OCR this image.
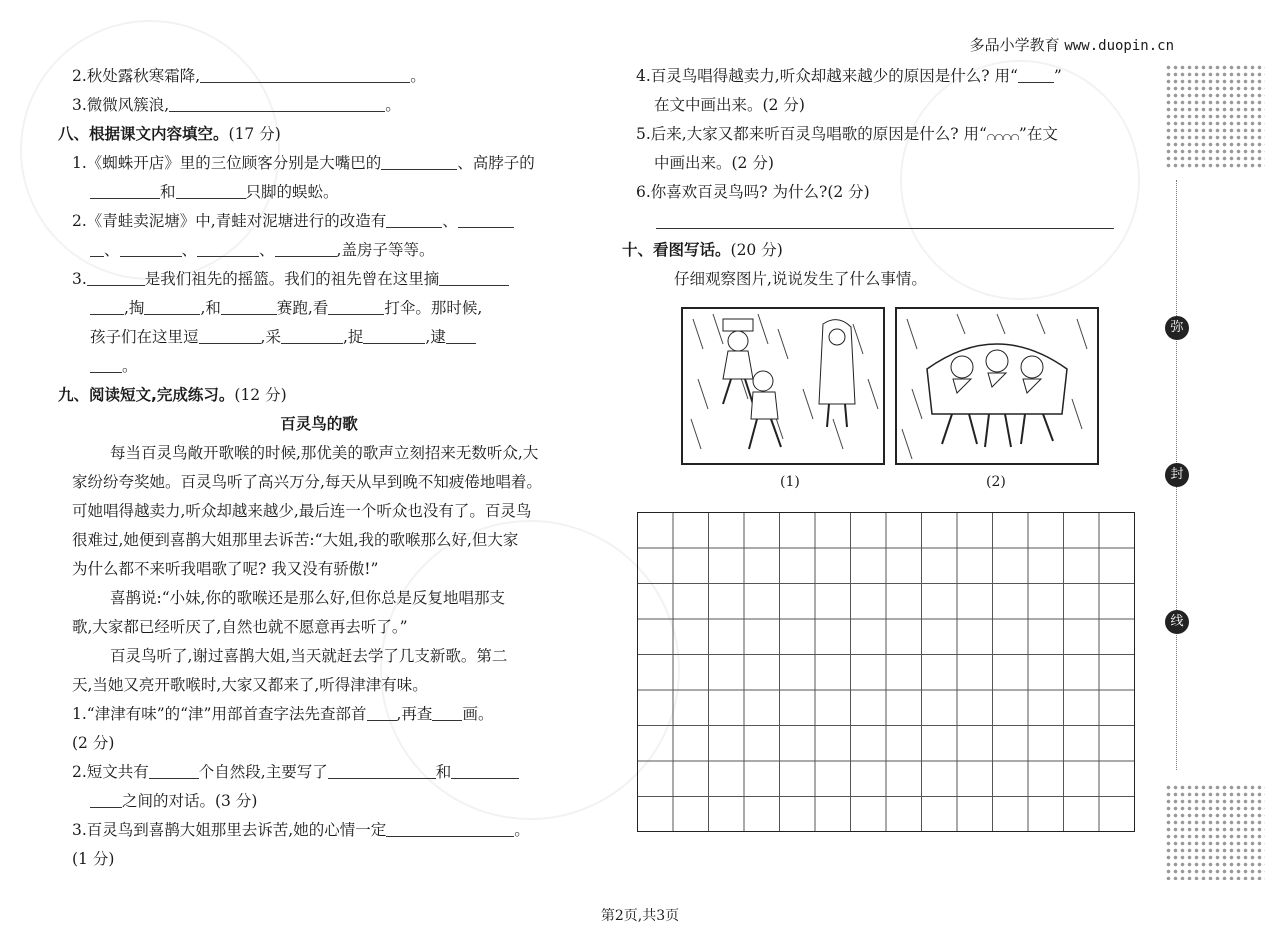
多品小学教育 www.duopin.cn
2.秋处露秋寒霜降,	。
3.微微风簇浪,	。
八、根据课文内容填空。(17 分)
1.《蜘蛛开店》里的三位顾客分别是大嘴巴的	、高脖子的
和	只脚的蜈蚣。
2.《青蛙卖泥塘》中,青蛙对泥塘进行的改造有	、
、	、	、	,盖房子等等。
3.	是我们祖先的摇篮。我们的祖先曾在这里摘
,掏	,和	赛跑,看	打伞。那时候,
孩子们在这里逗	,采	,捉	,逮
。
九、阅读短文,完成练习。(12 分)
百灵鸟的歌
每当百灵鸟敞开歌喉的时候,那优美的歌声立刻招来无数听众,大
家纷纷夸奖她。百灵鸟听了高兴万分,每天从早到晚不知疲倦地唱着。
可她唱得越卖力,听众却越来越少,最后连一个听众也没有了。百灵鸟
很难过,她便到喜鹊大姐那里去诉苦:“大姐,我的歌喉那么好,但大家
为什么都不来听我唱歌了呢? 我又没有骄傲!”
喜鹊说:“小妹,你的歌喉还是那么好,但你总是反复地唱那支
歌,大家都已经听厌了,自然也就不愿意再去听了。”
百灵鸟听了,谢过喜鹊大姐,当天就赶去学了几支新歌。第二
天,当她又亮开歌喉时,大家又都来了,听得津津有味。
1.“津津有味”的“津”用部首查字法先查部首 ,再查 画。
(2 分)
2.短文共有	个自然段,主要写了	和
之间的对话。(3 分)
3.百灵鸟到喜鹊大姐那里去诉苦,她的心情一定	。
(1 分)
4.百灵鸟唱得越卖力,听众却越来越少的原因是什么? 用“ ”
在文中画出来。(2 分)
5.后来,大家又都来听百灵鸟唱歌的原因是什么? 用“ ”在文
中画出来。(2 分)
6.你喜欢百灵鸟吗? 为什么?(2 分)
十、看图写话。(20 分)
仔细观察图片,说说发生了什么事情。
(1)	(2)
弥
封
线
第2页,共3页
